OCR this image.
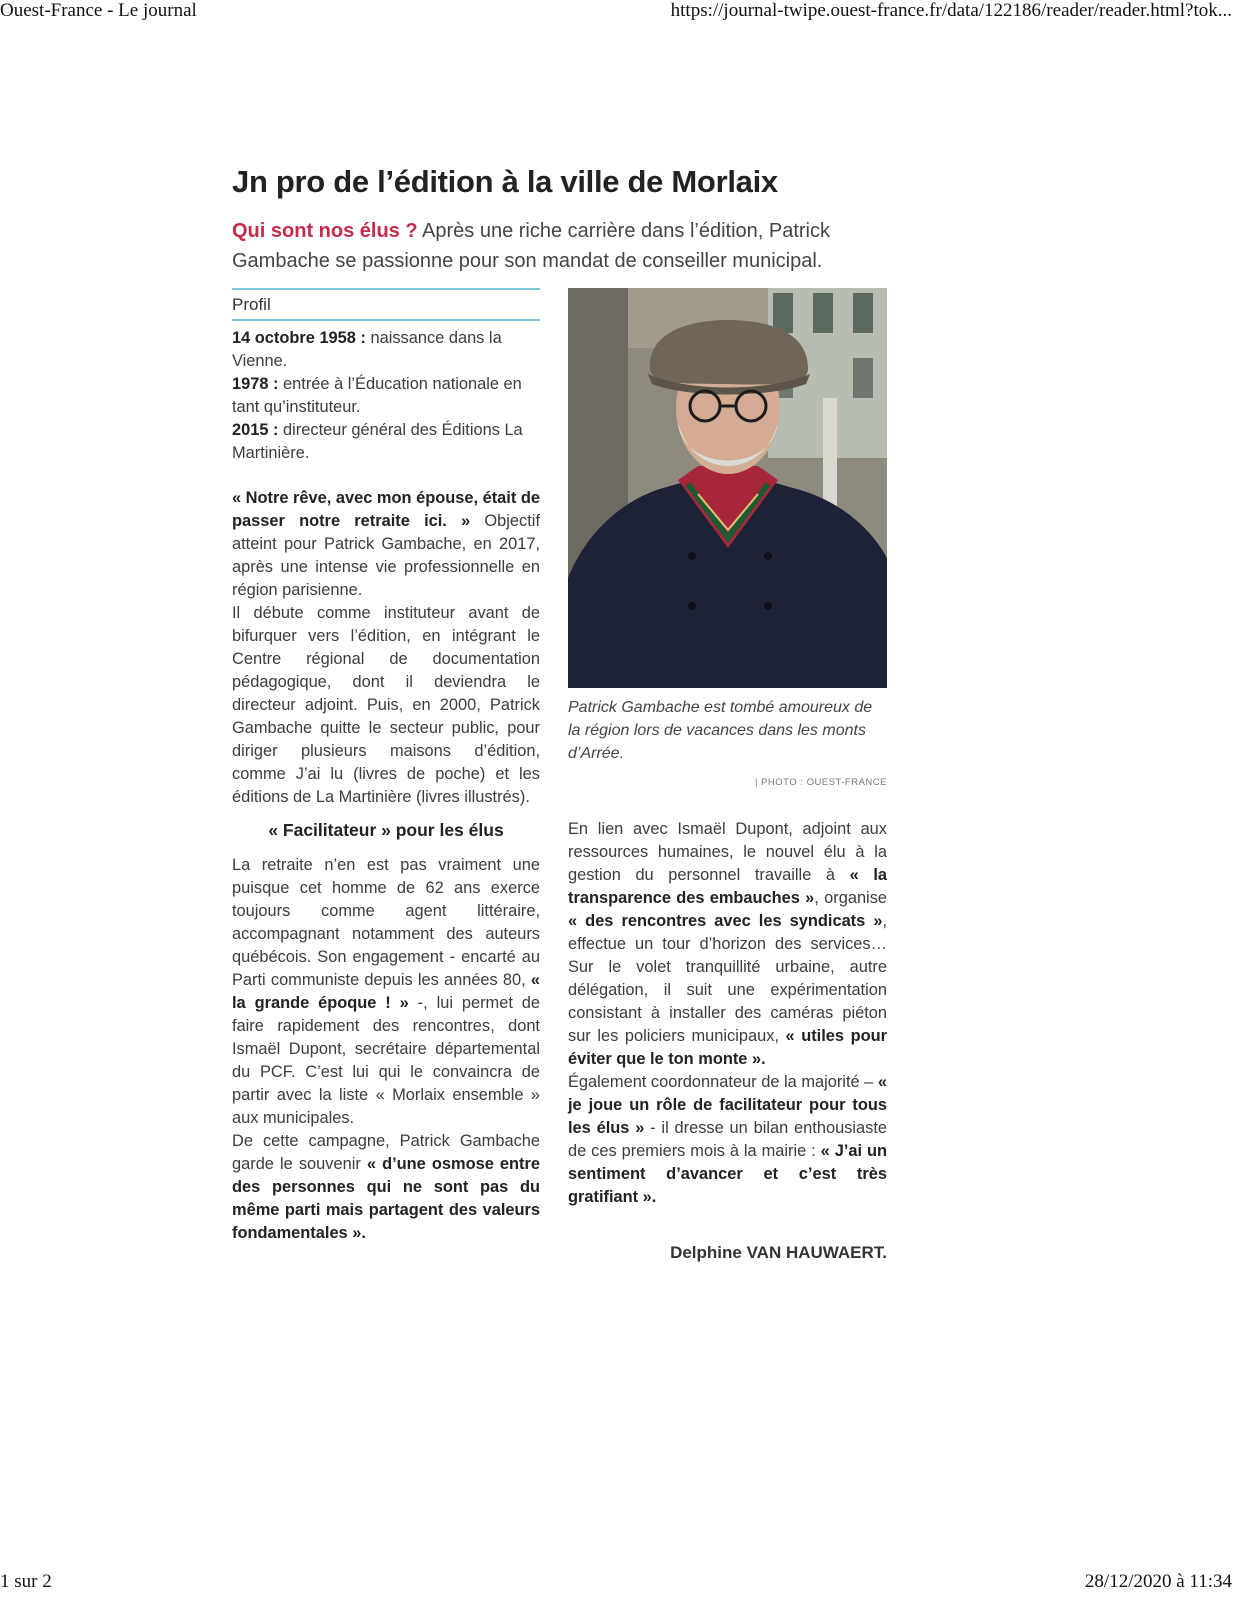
Ouest-France - Le journal	https://journal-twipe.ouest-france.fr/data/122186/reader/reader.html?tok...
Jn pro de l’édition à la ville de Morlaix

Qui sont nos élus ? Après une riche carrière dans l’édition, Patrick Gambache se passionne pour son mandat de conseiller municipal.

Profil

14 octobre 1958 : naissance dans la Vienne.

1978 : entrée à l’Éducation nationale en tant qu’instituteur.

2015 : directeur général des Éditions La Martinière.

« Notre rêve, avec mon épouse, était de passer notre retraite ici. » Objectif atteint pour Patrick Gambache, en 2017, après une intense vie professionnelle en région parisienne.

Il débute comme instituteur avant de bifurquer vers l’édition, en intégrant le Centre régional de documentation pédagogique, dont il deviendra le directeur adjoint. Puis, en 2000, Patrick Gambache quitte le secteur public, pour diriger plusieurs maisons d’édition, comme J’ai lu (livres de poche) et les éditions de La Martinière (livres illustrés).

« Facilitateur » pour les élus

La retraite n’en est pas vraiment une puisque cet homme de 62 ans exerce toujours comme agent littéraire, accompagnant notamment des auteurs québécois. Son engagement - encarté au Parti communiste depuis les années 80, « la grande époque ! » -, lui permet de faire rapidement des rencontres, dont Ismaël Dupont, secrétaire départemental du PCF. C’est lui qui le convaincra de partir avec la liste « Morlaix ensemble » aux municipales.

De cette campagne, Patrick Gambache garde le souvenir « d’une osmose entre des personnes qui ne sont pas du même parti mais partagent des valeurs fondamentales ».

Patrick Gambache est tombé amoureux de la région lors de vacances dans les monts d’Arrée.
| PHOTO : OUEST-FRANCE

En lien avec Ismaël Dupont, adjoint aux ressources humaines, le nouvel élu à la gestion du personnel travaille à « la transparence des embauches », organise « des rencontres avec les syndicats », effectue un tour d’horizon des services… Sur le volet tranquillité urbaine, autre délégation, il suit une expérimentation consistant à installer des caméras piéton sur les policiers municipaux, « utiles pour éviter que le ton monte ».

Également coordonnateur de la majorité – « je joue un rôle de facilitateur pour tous les élus » - il dresse un bilan enthousiaste de ces premiers mois à la mairie : « J’ai un sentiment d’avancer et c’est très gratifiant ».

Delphine VAN HAUWAERT.
1 sur 2	28/12/2020 à 11:34
